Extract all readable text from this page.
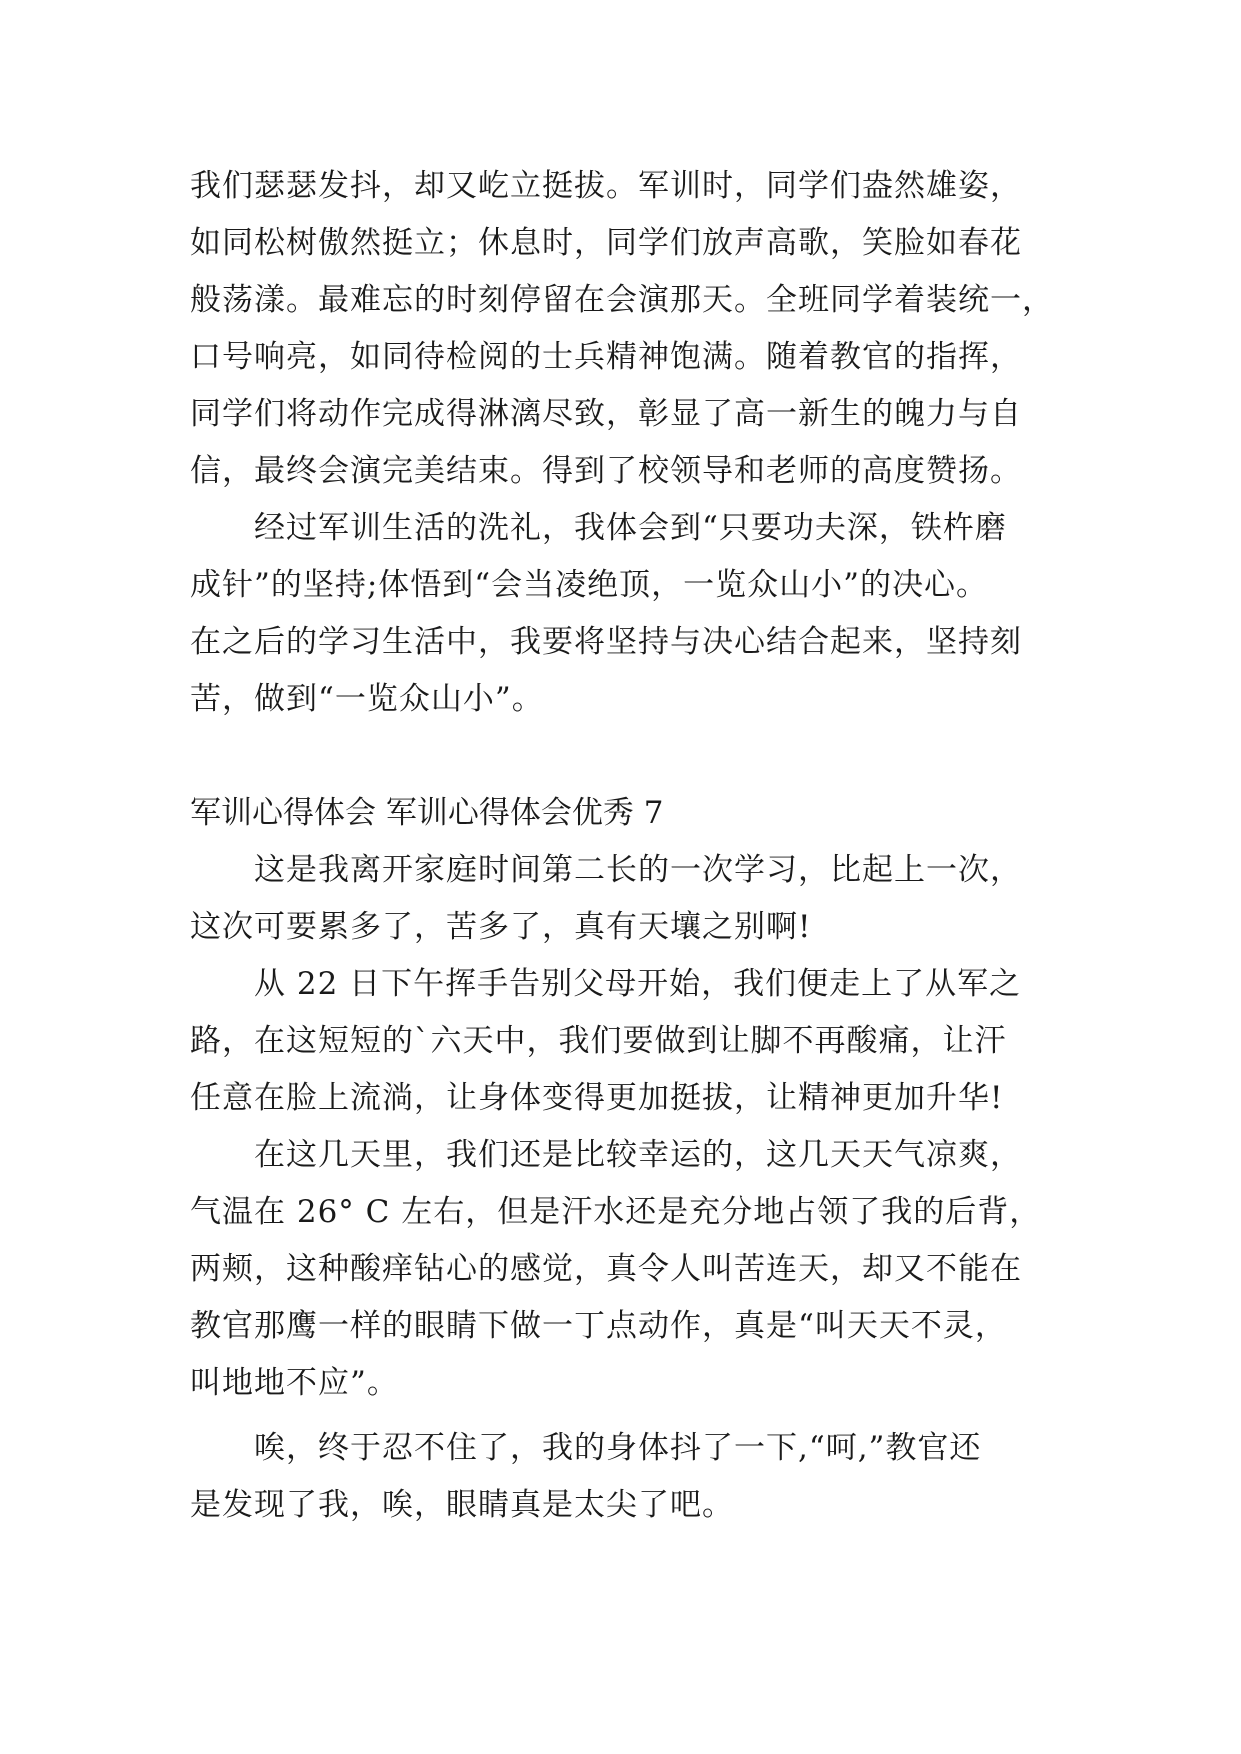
我们瑟瑟发抖，却又屹立挺拔。军训时，同学们盎然雄姿，
如同松树傲然挺立；休息时，同学们放声高歌，笑脸如春花
般荡漾。最难忘的时刻停留在会演那天。全班同学着装统一，
口号响亮，如同待检阅的士兵精神饱满。随着教官的指挥，
同学们将动作完成得淋漓尽致，彰显了高一新生的魄力与自
信，最终会演完美结束。得到了校领导和老师的高度赞扬。
经过军训生活的洗礼，我体会到“只要功夫深，铁杵磨
成针”的坚持;体悟到“会当凌绝顶，一览众山小”的决心。
在之后的学习生活中，我要将坚持与决心结合起来，坚持刻
苦，做到“一览众山小”。
军训心得体会 军训心得体会优秀 7
这是我离开家庭时间第二长的一次学习，比起上一次，
这次可要累多了，苦多了，真有天壤之别啊!
从 22 日下午挥手告别父母开始，我们便走上了从军之
路，在这短短的`六天中，我们要做到让脚不再酸痛，让汗
任意在脸上流淌，让身体变得更加挺拔，让精神更加升华!
在这几天里，我们还是比较幸运的，这几天天气凉爽，
气温在 26° C 左右，但是汗水还是充分地占领了我的后背，
两颊，这种酸痒钻心的感觉，真令人叫苦连天，却又不能在
教官那鹰一样的眼睛下做一丁点动作，真是“叫天天不灵，
叫地地不应”。
唉，终于忍不住了，我的身体抖了一下,“呵,”教官还
是发现了我，唉，眼睛真是太尖了吧。
